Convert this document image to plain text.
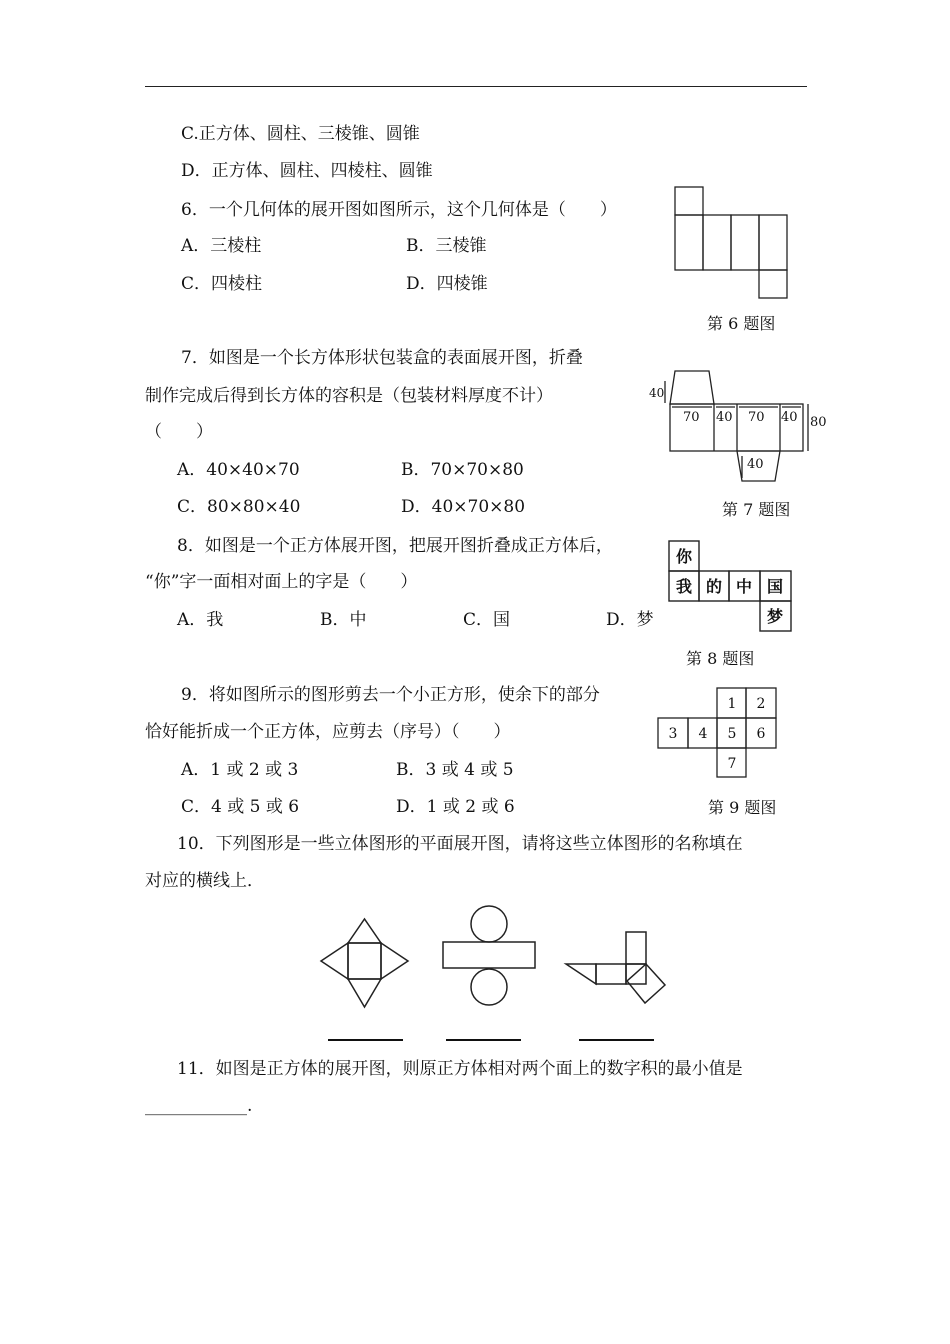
C.正方体、圆柱、三棱锥、圆锥
D．正方体、圆柱、四棱柱、圆锥
6．一个几何体的展开图如图所示，这个几何体是（　　）
A．三棱柱	B．三棱锥
C．四棱柱	D．四棱锥
第 6 题图
7．如图是一个长方体形状包装盒的表面展开图，折叠
制作完成后得到长方体的容积是（包装材料厚度不计）
（　　）
A．40×40×70	B．70×70×80
C．80×80×40	D．40×70×80
40
70 40 70 40 80
40
第 7 题图
8．如图是一个正方体展开图，把展开图折叠成正方体后，
“你”字一面相对面上的字是（　　）
A．我	B．中	C．国	D．梦
你
我 的 中 国
梦
第 8 题图
9．将如图所示的图形剪去一个小正方形，使余下的部分
恰好能折成一个正方体，应剪去（序号）（　　）
A．1 或 2 或 3	B．3 或 4 或 5
C．4 或 5 或 6	D．1 或 2 或 6
1 2
3 4 5 6
7
第 9 题图
10．下列图形是一些立体图形的平面展开图，请将这些立体图形的名称填在
对应的横线上．
11．如图是正方体的展开图，则原正方体相对两个面上的数字积的最小值是
____________.
